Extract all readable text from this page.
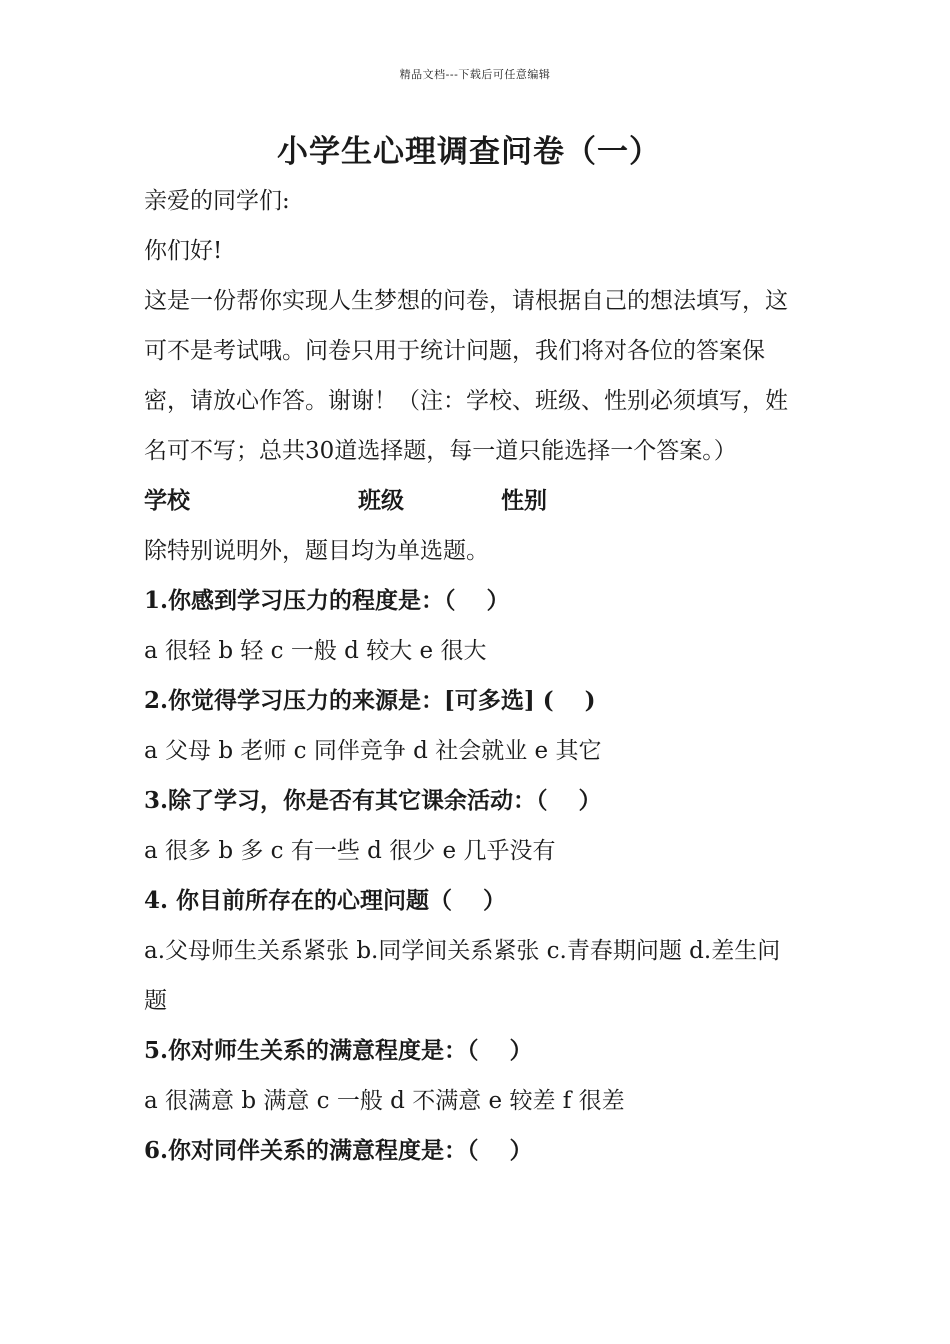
精品文档---下载后可任意编辑
小学生心理调查问卷（一）

亲爱的同学们:

你们好!

这是一份帮你实现人生梦想的问卷，请根据自己的想法填写，这可不是考试哦。问卷只用于统计问题，我们将对各位的答案保密，请放心作答。谢谢！（注：学校、班级、性别必须填写，姓名可不写；总共30道选择题，每一道只能选择一个答案。）

学校	班级	性别

除特别说明外，题目均为单选题。

1.你感到学习压力的程度是：（　 ）

a 很轻 b 轻 c 一般 d 较大 e 很大

2.你觉得学习压力的来源是：[可多选] (　 )

a 父母 b 老师 c 同伴竞争 d 社会就业 e 其它

3.除了学习，你是否有其它课余活动：（　 ）

a 很多 b 多 c 有一些 d 很少 e 几乎没有

4. 你目前所存在的心理问题（　 ）

a.父母师生关系紧张 b.同学间关系紧张 c.青春期问题 d.差生问题

5.你对师生关系的满意程度是：（　 ）

a 很满意 b 满意 c 一般 d 不满意 e 较差 f 很差

6.你对同伴关系的满意程度是：（　 ）
